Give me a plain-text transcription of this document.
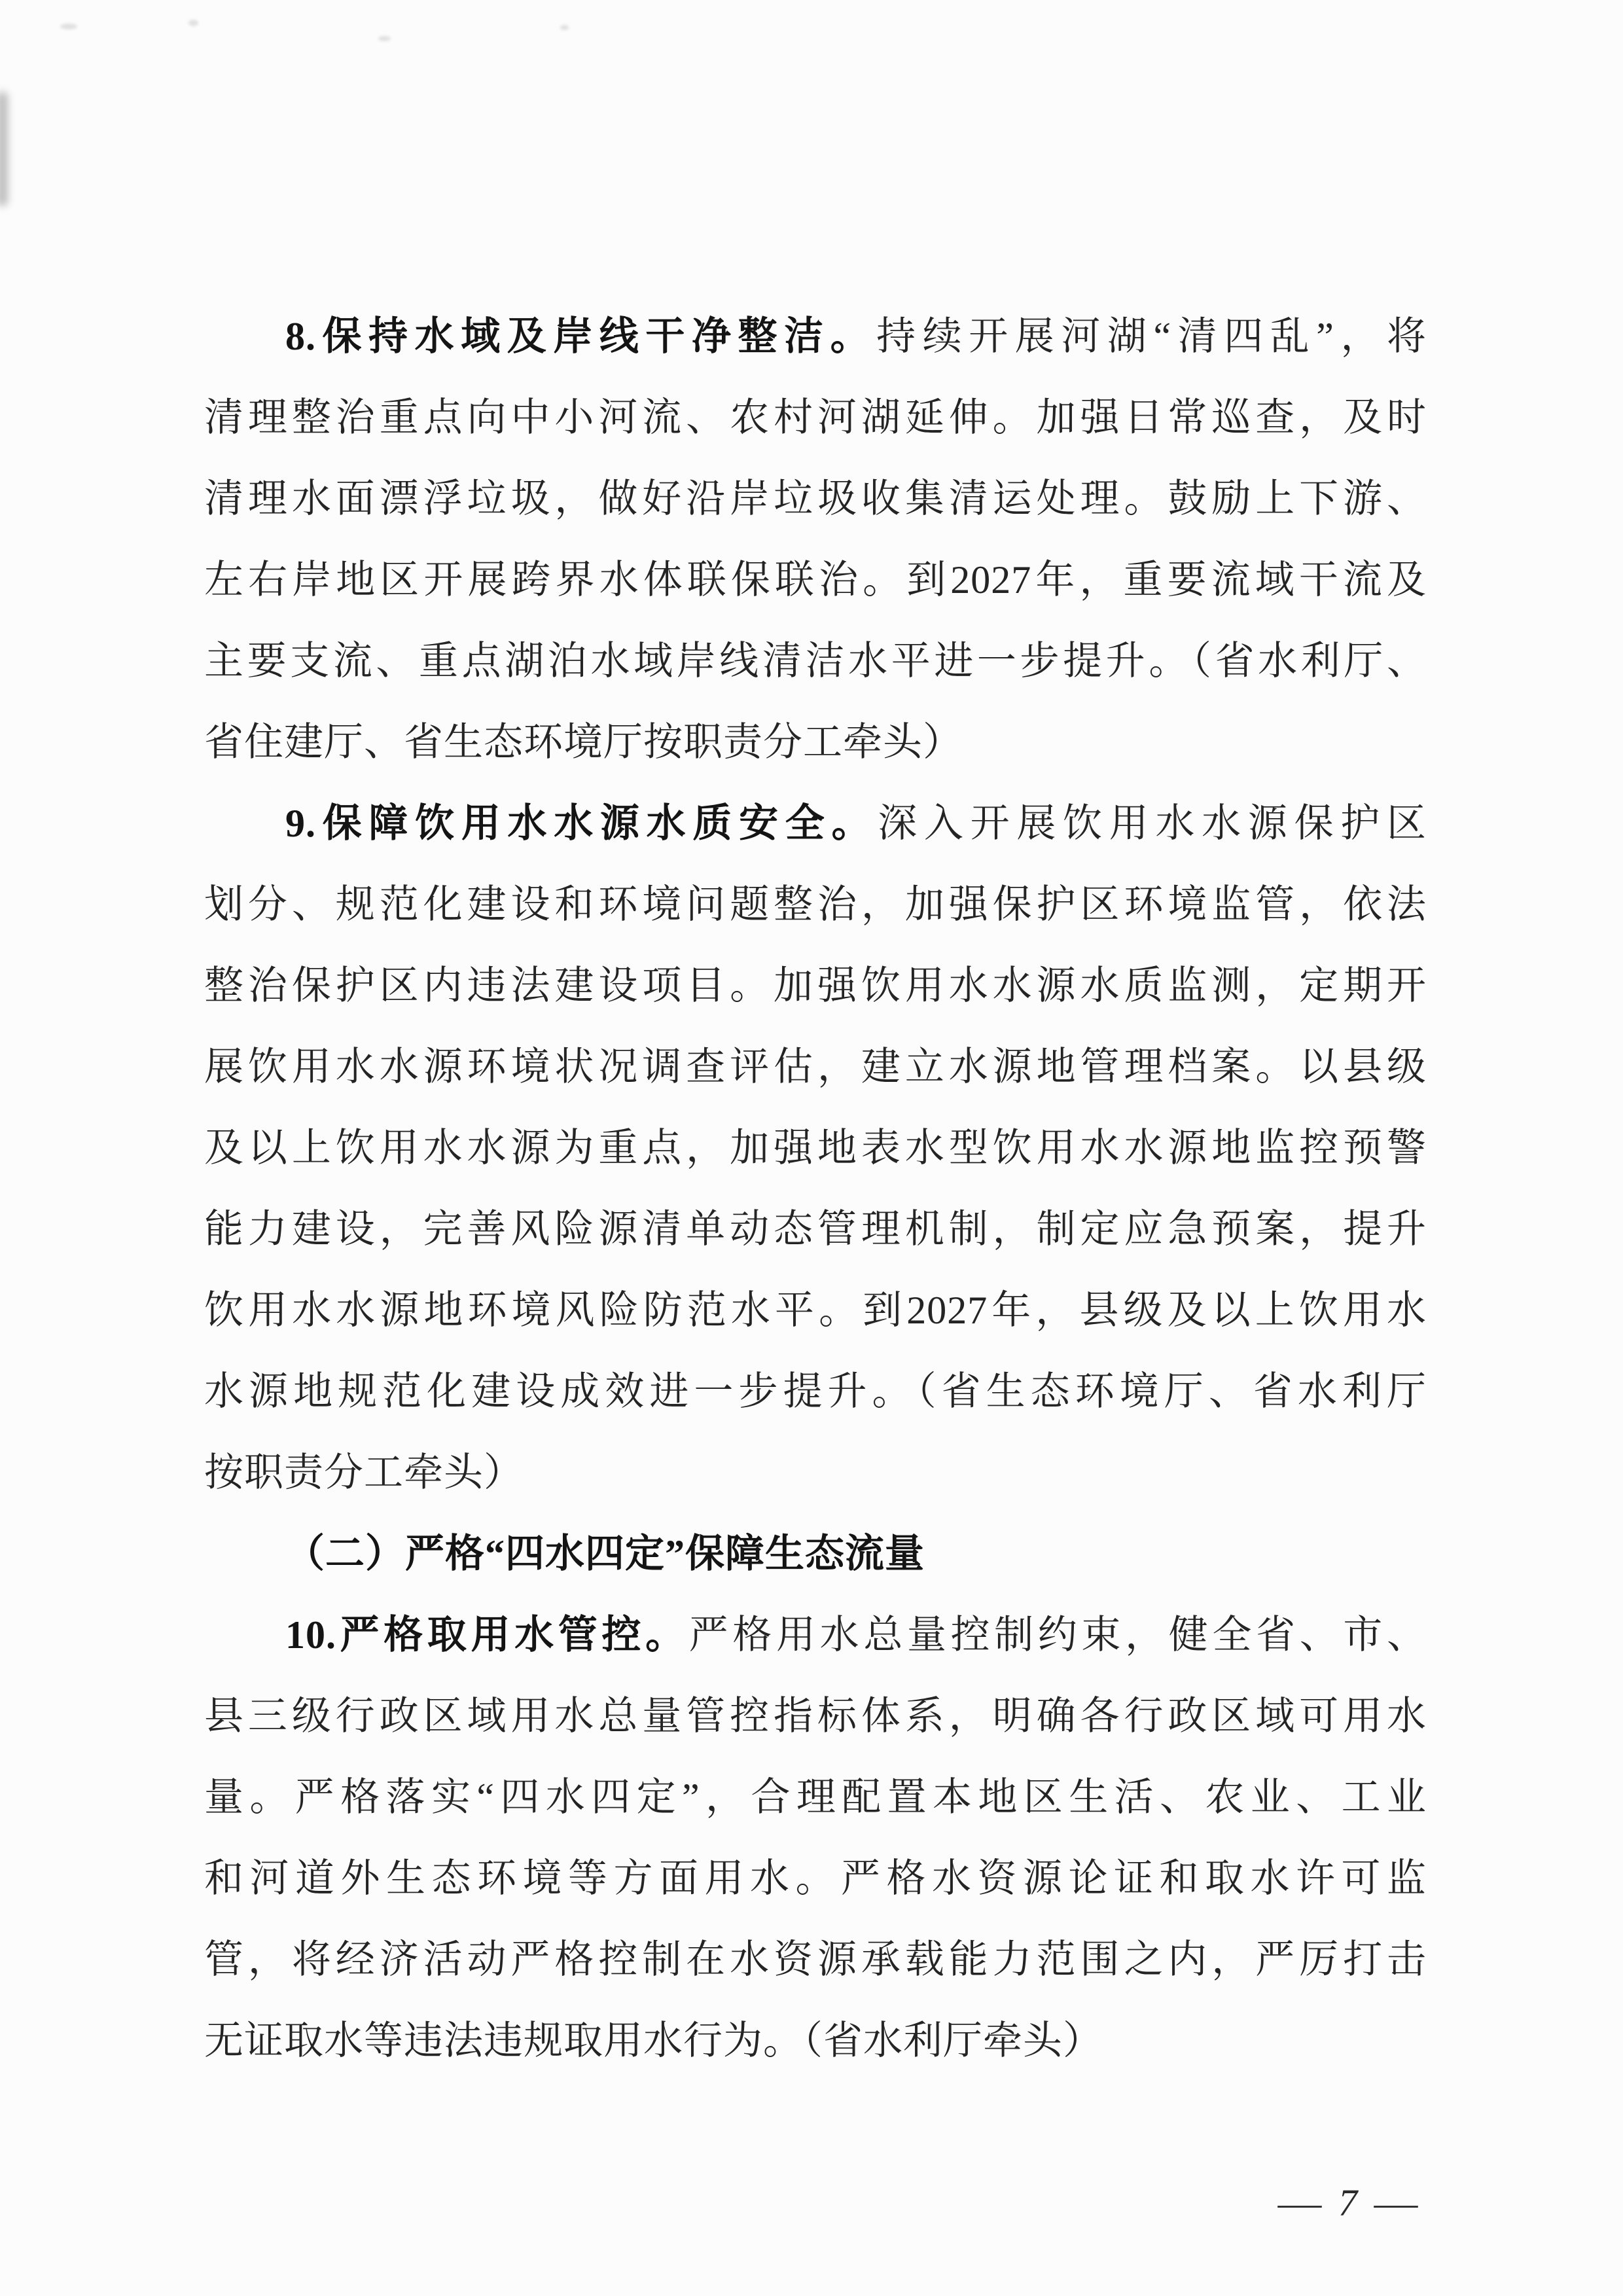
8.保持水域及岸线干净整洁。持续开展河湖“清四乱”，将
清理整治重点向中小河流、农村河湖延伸。加强日常巡查，及时
清理水面漂浮垃圾，做好沿岸垃圾收集清运处理。鼓励上下游、
左右岸地区开展跨界水体联保联治。到2027年，重要流域干流及
主要支流、重点湖泊水域岸线清洁水平进一步提升。（省水利厅、
省住建厅、省生态环境厅按职责分工牵头）
9.保障饮用水水源水质安全。深入开展饮用水水源保护区
划分、规范化建设和环境问题整治，加强保护区环境监管，依法
整治保护区内违法建设项目。加强饮用水水源水质监测，定期开
展饮用水水源环境状况调查评估，建立水源地管理档案。以县级
及以上饮用水水源为重点，加强地表水型饮用水水源地监控预警
能力建设，完善风险源清单动态管理机制，制定应急预案，提升
饮用水水源地环境风险防范水平。到2027年，县级及以上饮用水
水源地规范化建设成效进一步提升。（省生态环境厅、省水利厅
按职责分工牵头）
（二）严格“四水四定”保障生态流量
10.严格取用水管控。严格用水总量控制约束，健全省、市、
县三级行政区域用水总量管控指标体系，明确各行政区域可用水
量。严格落实“四水四定”，合理配置本地区生活、农业、工业
和河道外生态环境等方面用水。严格水资源论证和取水许可监
管，将经济活动严格控制在水资源承载能力范围之内，严厉打击
无证取水等违法违规取用水行为。（省水利厅牵头）
— 7 —
